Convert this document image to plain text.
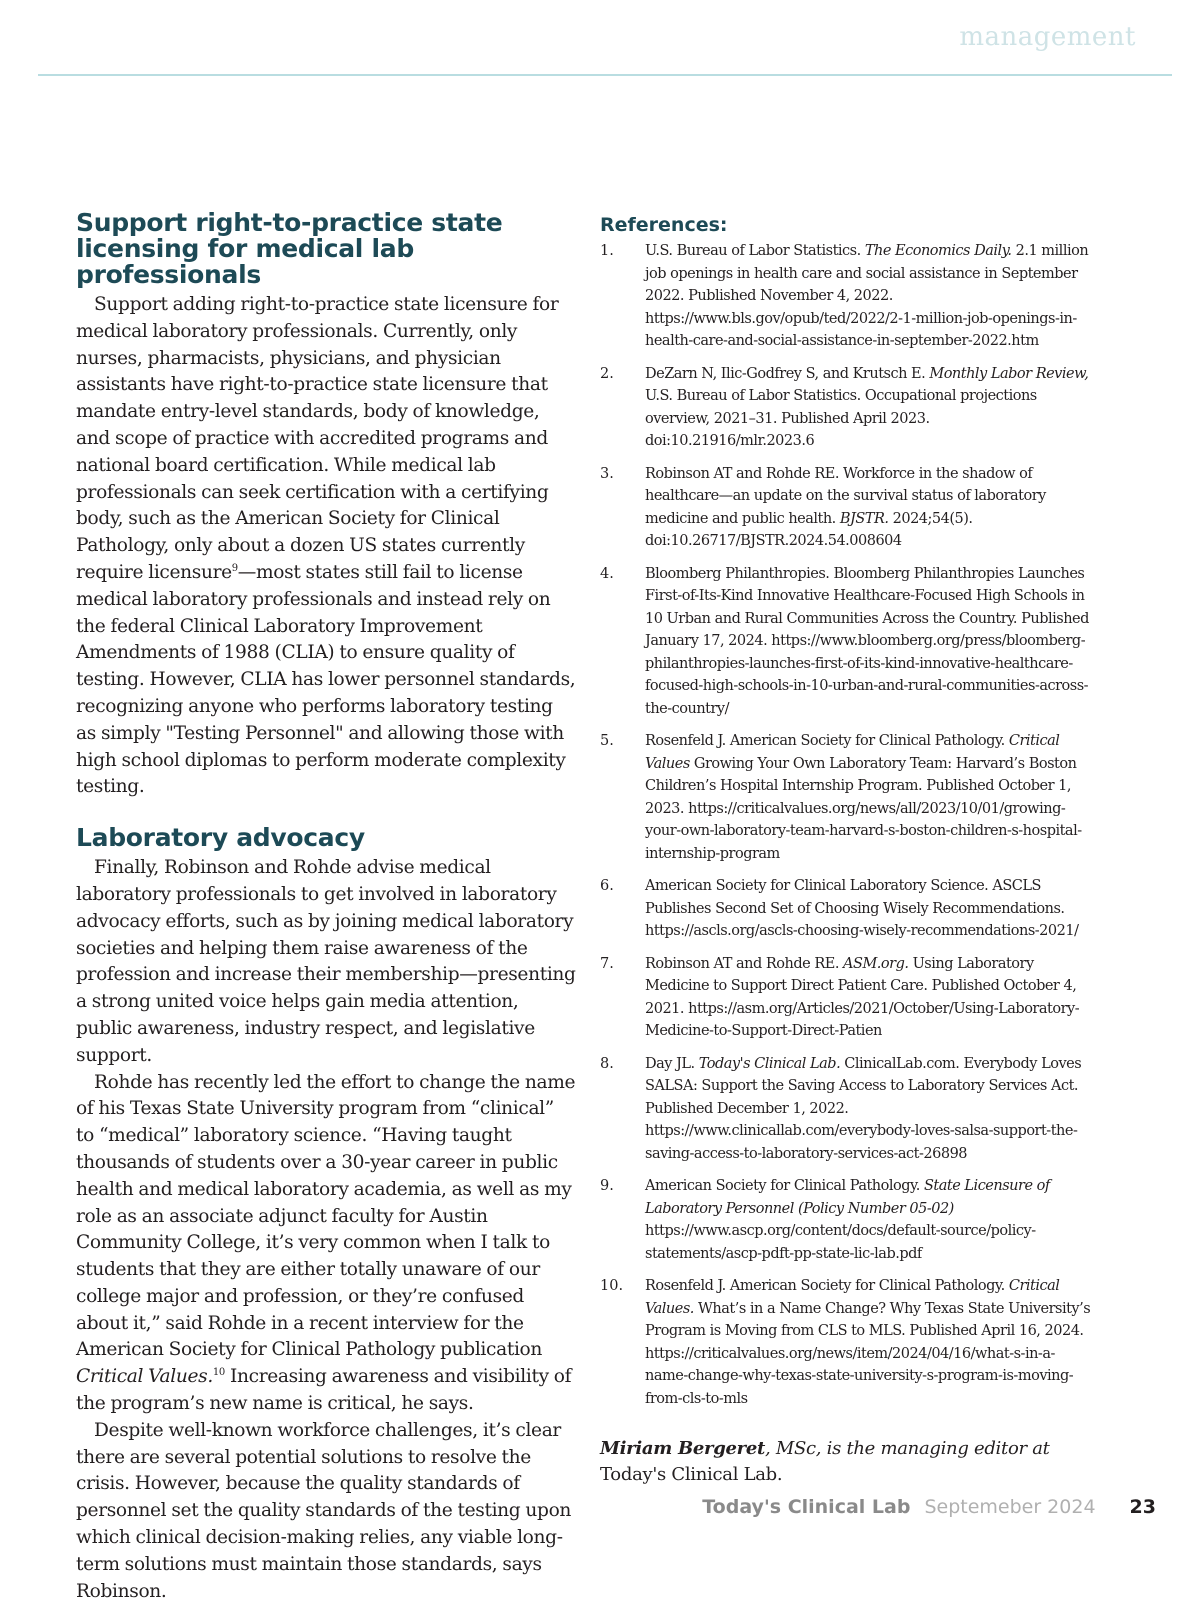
management
Support right-to-practice state licensing for medical lab professionals

Support adding right-to-practice state licensure for medical laboratory professionals. Currently, only nurses, pharmacists, physicians, and physician assistants have right-to-practice state licensure that mandate entry-level standards, body of knowledge, and scope of practice with accredited programs and national board certification. While medical lab professionals can seek certification with a certifying body, such as the American Society for Clinical Pathology, only about a dozen US states currently require licensure$^9$—most states still fail to license medical laboratory professionals and instead rely on the federal Clinical Laboratory Improvement Amendments of 1988 (CLIA) to ensure quality of testing. However, CLIA has lower personnel standards, recognizing anyone who performs laboratory testing as simply "Testing Personnel" and allowing those with high school diplomas to perform moderate complexity testing.

Laboratory advocacy

Finally, Robinson and Rohde advise medical laboratory professionals to get involved in laboratory advocacy efforts, such as by joining medical laboratory societies and helping them raise awareness of the profession and increase their membership—presenting a strong united voice helps gain media attention, public awareness, industry respect, and legislative support.

Rohde has recently led the effort to change the name of his Texas State University program from “clinical” to “medical” laboratory science. “Having taught thousands of students over a 30-year career in public health and medical laboratory academia, as well as my role as an associate adjunct faculty for Austin Community College, it’s very common when I talk to students that they are either totally unaware of our college major and profession, or they’re confused about it,” said Rohde in a recent interview for the American Society for Clinical Pathology publication Critical Values.$^{10}$ Increasing awareness and visibility of the program’s new name is critical, he says.

Despite well-known workforce challenges, it’s clear there are several potential solutions to resolve the crisis. However, because the quality standards of personnel set the quality standards of the testing upon which clinical decision-making relies, any viable long-term solutions must maintain those standards, says Robinson.

References:
1.	U.S. Bureau of Labor Statistics. The Economics Daily. 2.1 million job openings in health care and social assistance in September 2022. Published November 4, 2022. https://www.bls.gov/opub/ted/2022/2-1-million-job-openings-in-health-care-and-social-assistance-in-september-2022.htm
2.	DeZarn N, Ilic-Godfrey S, and Krutsch E. Monthly Labor Review, U.S. Bureau of Labor Statistics. Occupational projections overview, 2021–31. Published April 2023. doi:10.21916/mlr.2023.6
3.	Robinson AT and Rohde RE. Workforce in the shadow of healthcare—an update on the survival status of laboratory medicine and public health. BJSTR. 2024;54(5). doi:10.26717/BJSTR.2024.54.008604
4.	Bloomberg Philanthropies. Bloomberg Philanthropies Launches First-of-Its-Kind Innovative Healthcare-Focused High Schools in 10 Urban and Rural Communities Across the Country. Published January 17, 2024. https://www.bloomberg.org/press/bloomberg-philanthropies-launches-first-of-its-kind-innovative-healthcare-focused-high-schools-in-10-urban-and-rural-communities-across-the-country/
5.	Rosenfeld J. American Society for Clinical Pathology. Critical Values Growing Your Own Laboratory Team: Harvard’s Boston Children’s Hospital Internship Program. Published October 1, 2023. https://criticalvalues.org/news/all/2023/10/01/growing-your-own-laboratory-team-harvard-s-boston-children-s-hospital-internship-program
6.	American Society for Clinical Laboratory Science. ASCLS Publishes Second Set of Choosing Wisely Recommendations. https://ascls.org/ascls-choosing-wisely-recommendations-2021/
7.	Robinson AT and Rohde RE. ASM.org. Using Laboratory Medicine to Support Direct Patient Care. Published October 4, 2021. https://asm.org/Articles/2021/October/Using-Laboratory-Medicine-to-Support-Direct-Patien
8.	Day JL. Today's Clinical Lab. ClinicalLab.com. Everybody Loves SALSA: Support the Saving Access to Laboratory Services Act. Published December 1, 2022. https://www.clinicallab.com/everybody-loves-salsa-support-the-saving-access-to-laboratory-services-act-26898
9.	American Society for Clinical Pathology. State Licensure of Laboratory Personnel (Policy Number 05-02) https://www.ascp.org/content/docs/default-source/policy-statements/ascp-pdft-pp-state-lic-lab.pdf
10.	Rosenfeld J. American Society for Clinical Pathology. Critical Values. What’s in a Name Change? Why Texas State University’s Program is Moving from CLS to MLS. Published April 16, 2024. https://criticalvalues.org/news/item/2024/04/16/what-s-in-a-name-change-why-texas-state-university-s-program-is-moving-from-cls-to-mls
Miriam Bergeret, MSc, is the managing editor at Today's Clinical Lab.
Today's Clinical Lab Septemeber 2024 23
